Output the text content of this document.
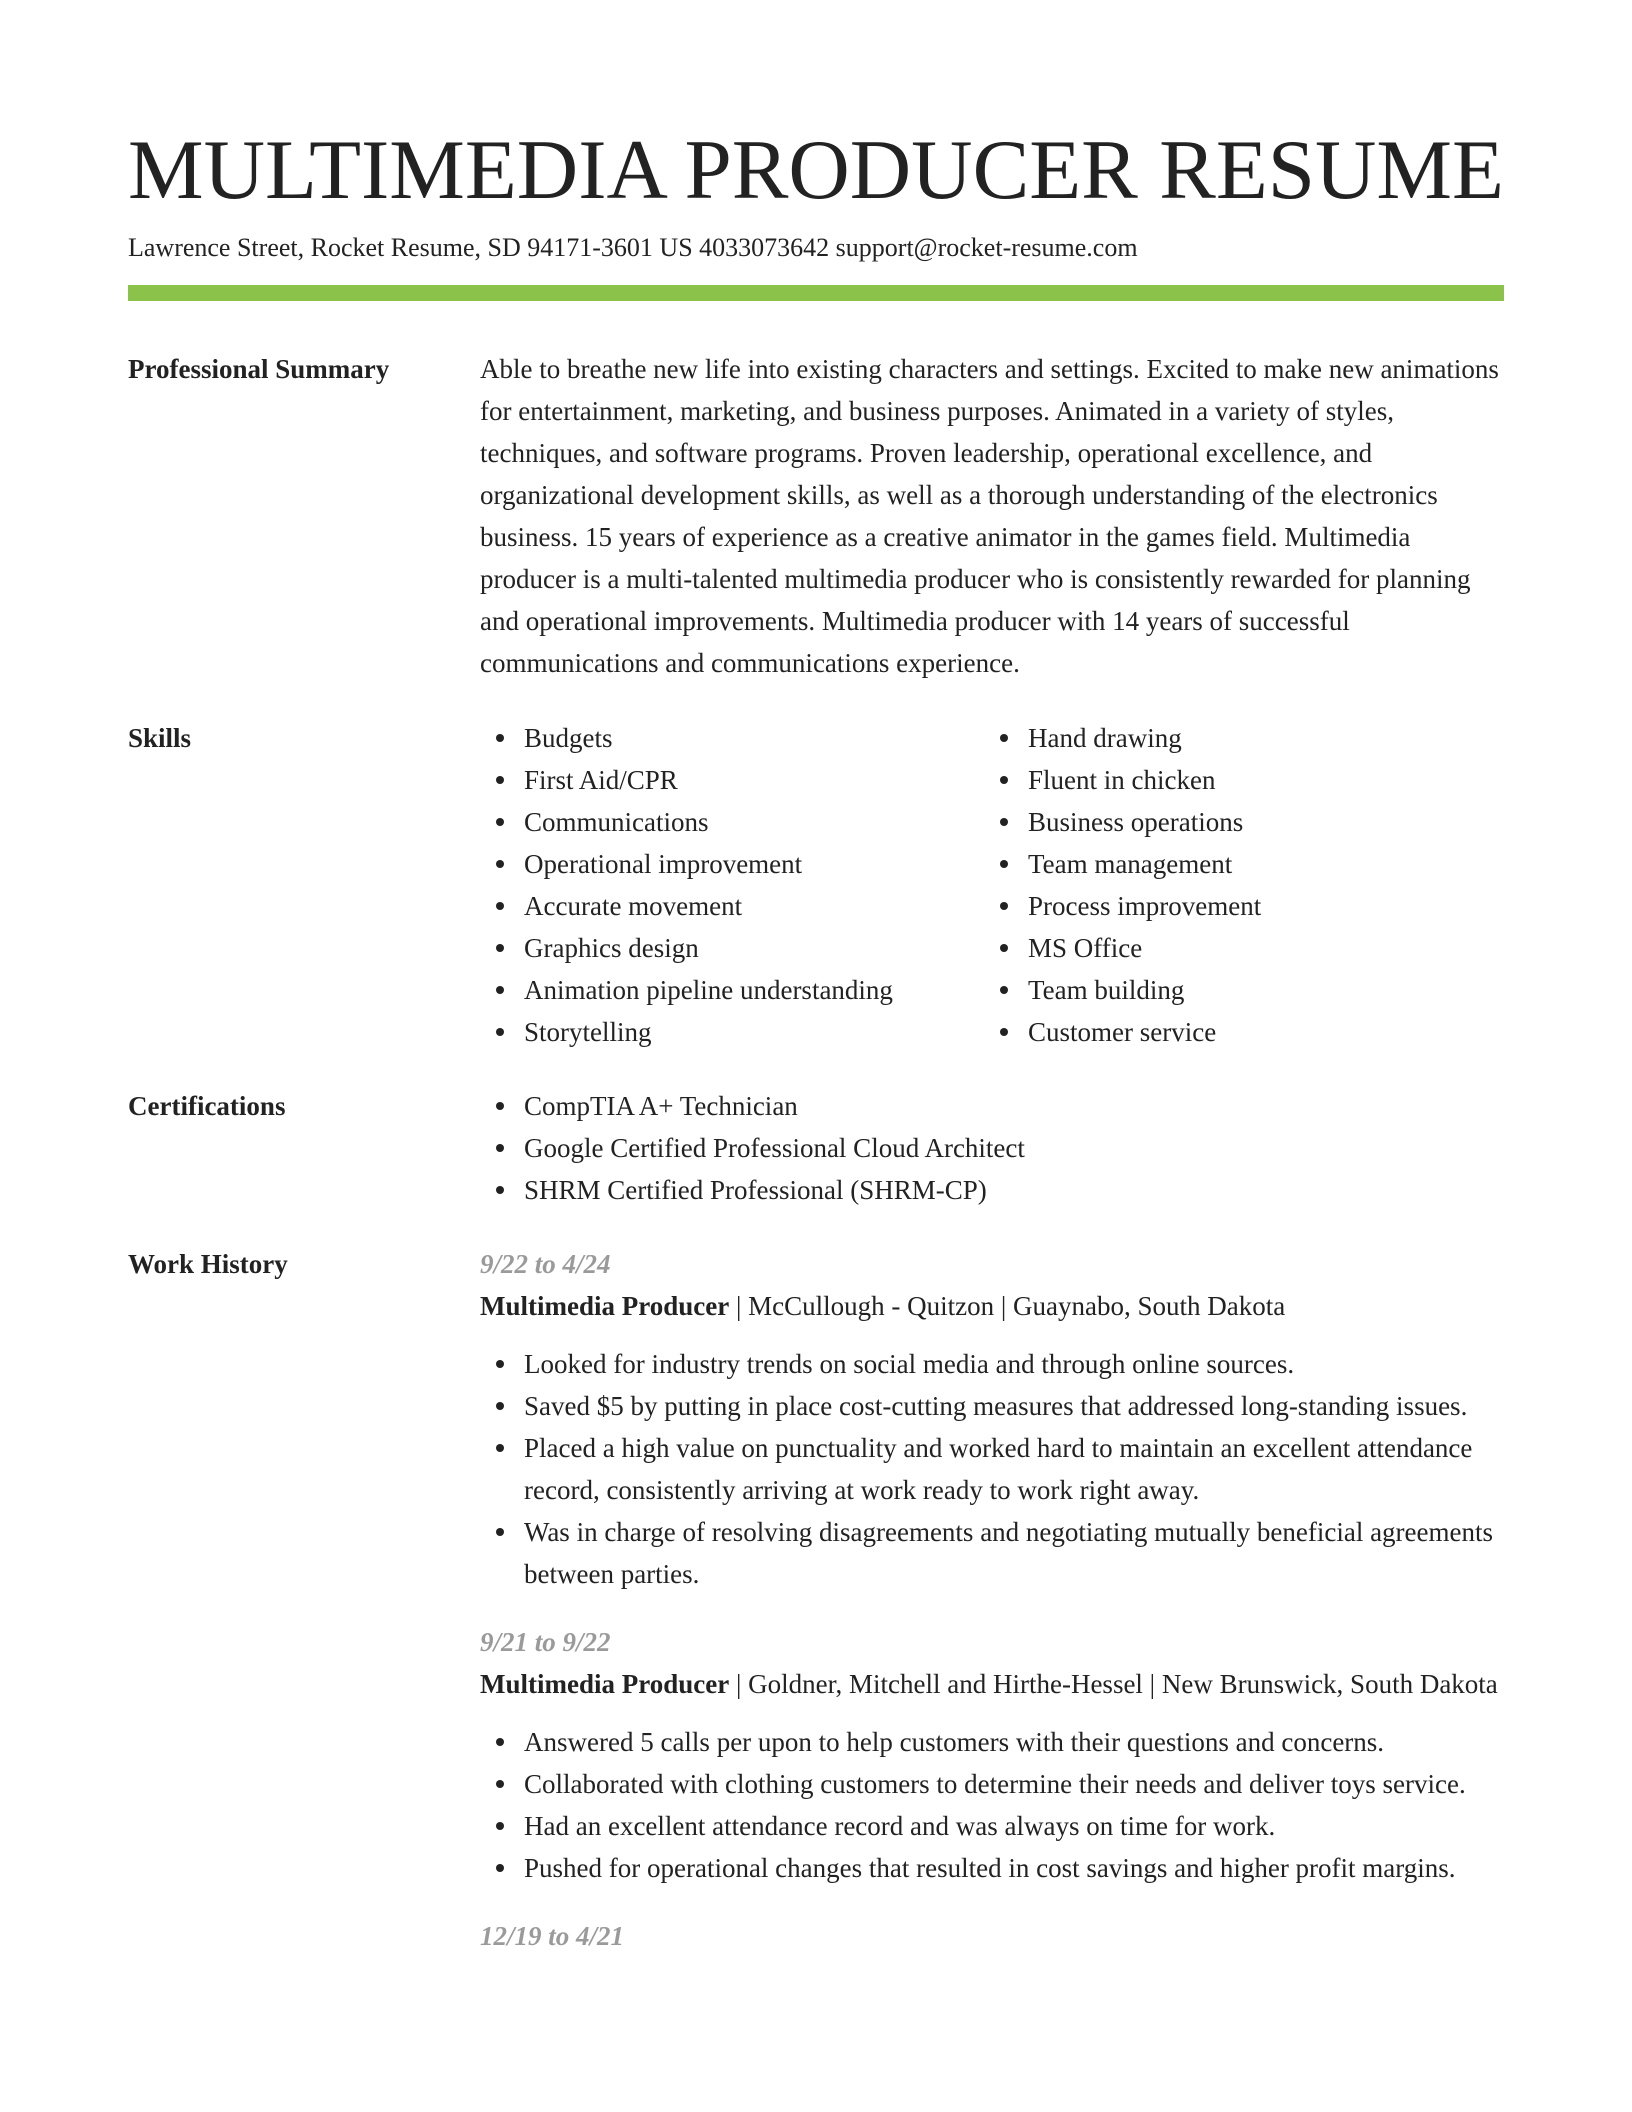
MULTIMEDIA PRODUCER RESUME
Lawrence Street, Rocket Resume, SD 94171-3601 US 4033073642 support@rocket-resume.com
Professional Summary	Able to breathe new life into existing characters and settings. Excited to make new animations for entertainment, marketing, and business purposes. Animated in a variety of styles, techniques, and software programs. Proven leadership, operational excellence, and organizational development skills, as well as a thorough understanding of the electronics business. 15 years of experience as a creative animator in the games field. Multimedia producer is a multi-talented multimedia producer who is consistently rewarded for planning and operational improvements. Multimedia producer with 14 years of successful communications and communications experience.

Skills	Budgets
First Aid/CPR
Communications
Operational improvement
Accurate movement
Graphics design
Animation pipeline understanding
Storytelling
Hand drawing
Fluent in chicken
Business operations
Team management
Process improvement
MS Office
Team building
Customer service
Certifications	CompTIA A+ Technician
Google Certified Professional Cloud Architect
SHRM Certified Professional (SHRM-CP)
Work History	9/22 to 4/24
Multimedia Producer | McCullough - Quitzon | Guaynabo, South Dakota
Looked for industry trends on social media and through online sources.
Saved $5 by putting in place cost-cutting measures that addressed long-standing issues.
Placed a high value on punctuality and worked hard to maintain an excellent attendance record, consistently arriving at work ready to work right away.
Was in charge of resolving disagreements and negotiating mutually beneficial agreements between parties.
9/21 to 9/22
Multimedia Producer | Goldner, Mitchell and Hirthe-Hessel | New Brunswick, South Dakota
Answered 5 calls per upon to help customers with their questions and concerns.
Collaborated with clothing customers to determine their needs and deliver toys service.
Had an excellent attendance record and was always on time for work.
Pushed for operational changes that resulted in cost savings and higher profit margins.
12/19 to 4/21
